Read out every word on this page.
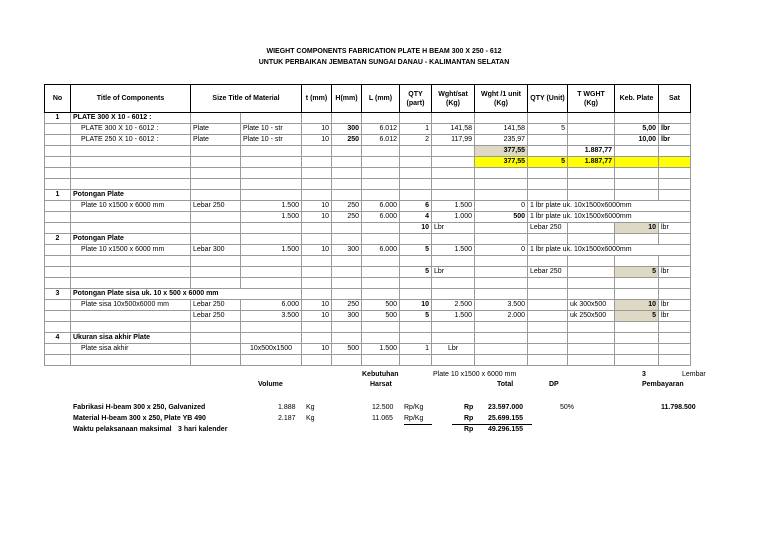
WIEGHT COMPONENTS FABRICATION PLATE H BEAM 300 X 250 - 612
UNTUK PERBAIKAN JEMBATAN SUNGAI DANAU - KALIMANTAN SELATAN
No	Title of Components	Size Title of Material		t (mm)	H(mm)	L (mm)	QTY (part)	Wght/sat (Kg)	Wght /1 unit (Kg)	QTY (Unit)	T WGHT (Kg)	Keb. Plate	Sat
1	PLATE 300 X 10 - 6012 :												
	PLATE 300 X 10 - 6012 :	Plate	Plate 10 - str	10	300	6.012	1	141,58	141,58	5		5,00	lbr
	PLATE 250 X 10 - 6012 :	Plate	Plate 10 - str	10	250	6.012	2	117,99	235,97			10,00	lbr
									377,55		1.887,77		
									377,55	5	1.887,77		

1	Potongan Plate												
	Plate 10 x1500 x 6000 mm	Lebar 250	1.500	10	250	6.000	6	1.500	0	1 lbr plate uk. 10x1500x6000mm			
			1.500	10	250	6.000	4	1.000	500	1 lbr plate uk. 10x1500x6000mm			
							10	Lbr		Lebar 250		10	lbr
2	Potongan Plate												
	Plate 10 x1500 x 6000 mm	Lebar 300	1.500	10	300	6.000	5	1.500	0	1 lbr plate uk. 10x1500x6000mm			

							5	Lbr		Lebar 250		5	lbr

3	Potongan Plate sisa uk. 10 x 500 x 6000 mm												
	Plate sisa 10x500x6000 mm	Lebar 250	6.000	10	250	500	10	2.500	3.500		uk 300x500	10	lbr
		Lebar 250	3.500	10	300	500	5	1.500	2.000		uk 250x500	5	lbr

4	Ukuran sisa akhir Plate												
	Plate sisa akhir		10x500x1500	10	500	1.500	1	Lbr					

Kebutuhan	Plate 10 x1500 x 6000 mm	3	Lembar
Volume	Harsat	Total	DP	Pembayaran
Fabrikasi H-beam 300 x 250, Galvanized	1.888 Kg	12.500 Rp/Kg	Rp 23.597.000	50%	11.798.500
Material H-beam 300 x 250, Plate YB 490	2.187 Kg	11.065 Rp/Kg	Rp 25.699.155
Waktu pelaksanaan maksimal 3 hari kalender	Rp 49.296.155
